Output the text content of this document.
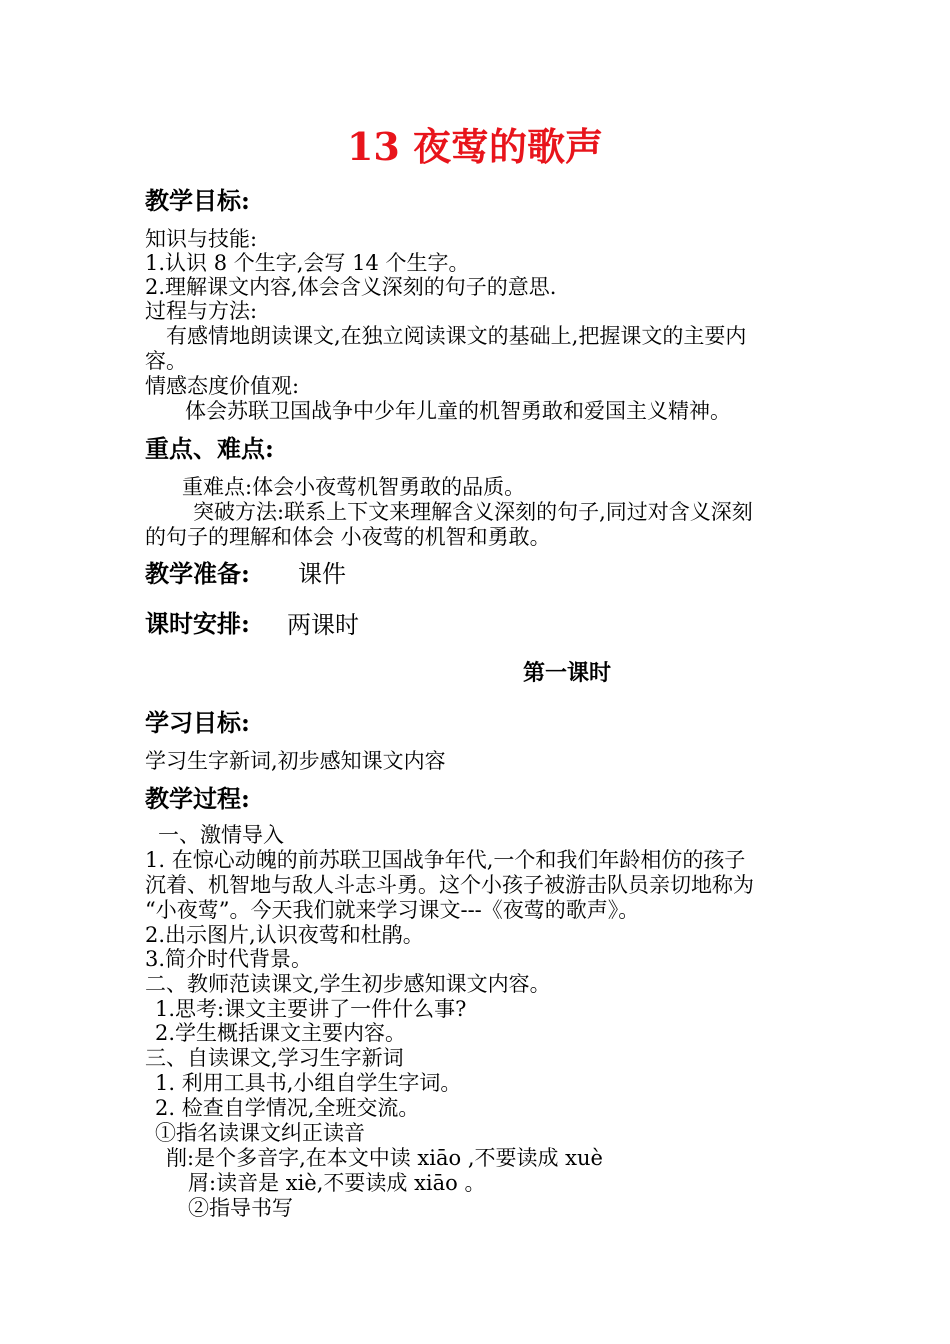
13 夜莺的歌声
教学目标:
知识与技能:
1.认识 8 个生字,会写 14 个生字。
2.理解课文内容,体会含义深刻的句子的意思.
过程与方法:
有感情地朗读课文,在独立阅读课文的基础上,把握课文的主要内
容。
情感态度价值观:
体会苏联卫国战争中少年儿童的机智勇敢和爱国主义精神。
重点、难点:
重难点:体会小夜莺机智勇敢的品质。
突破方法:联系上下文来理解含义深刻的句子,同过对含义深刻
的句子的理解和体会 小夜莺的机智和勇敢。
教学准备: 课件
课时安排: 两课时
第一课时
学习目标:
学习生字新词,初步感知课文内容
教学过程:
一、激情导入
1. 在惊心动魄的前苏联卫国战争年代,一个和我们年龄相仿的孩子
沉着、机智地与敌人斗志斗勇。这个小孩子被游击队员亲切地称为
“小夜莺”。今天我们就来学习课文---《夜莺的歌声》。
2.出示图片,认识夜莺和杜鹃。
3.简介时代背景。
二、教师范读课文,学生初步感知课文内容。
1.思考:课文主要讲了一件什么事?
2.学生概括课文主要内容。
三、自读课文,学习生字新词
1. 利用工具书,小组自学生字词。
2. 检查自学情况,全班交流。
①指名读课文纠正读音
削:是个多音字,在本文中读 xiāo ,不要读成 xuè
屑:读音是 xiè,不要读成 xiāo 。
②指导书写
